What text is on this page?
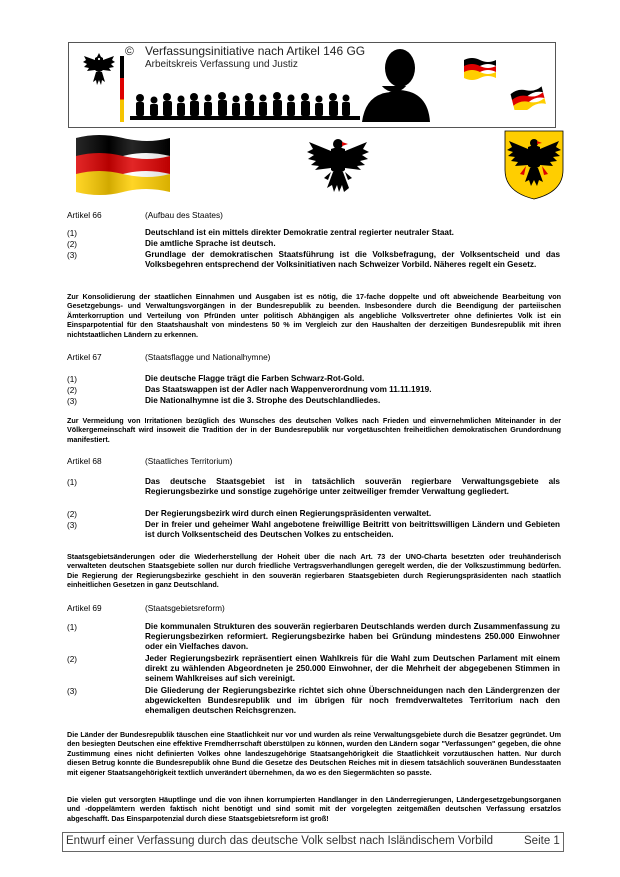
© Verfassungsinitiative nach Artikel 146 GG
Arbeitskreis Verfassung und Justiz
Artikel 66	(Aufbau des Staates)
(1)	Deutschland ist ein mittels direkter Demokratie zentral regierter neutraler Staat.
(2)	Die amtliche Sprache ist deutsch.
(3)	Grundlage der demokratischen Staatsführung ist die Volksbefragung, der Volksentscheid und das Volksbegehren entsprechend der Volksinitiativen nach Schweizer Vorbild. Näheres regelt ein Gesetz.
Zur Konsolidierung der staatlichen Einnahmen und Ausgaben ist es nötig, die 17-fache doppelte und oft abweichende Bearbeitung von Gesetzgebungs- und Verwaltungsvorgängen in der Bundesrepublik zu beenden. Insbesondere durch die Beendigung der parteiischen Ämterkorruption und Verteilung von Pfründen unter politisch Abhängigen als angebliche Volksvertreter ohne definiertes Volk ist ein Einsparpotential für den Staatshaushalt von mindestens 50 % im Vergleich zur den Haushalten der derzeitigen Bundesrepublik mit ihren nichtstaatlichen Ländern zu erkennen.
Artikel 67	(Staatsflagge und Nationalhymne)
(1)	Die deutsche Flagge trägt die Farben Schwarz-Rot-Gold.
(2)	Das Staatswappen ist der Adler nach Wappenverordnung vom 11.11.1919.
(3)	Die Nationalhymne ist die 3. Strophe des Deutschlandliedes.
Zur Vermeidung von Irritationen bezüglich des Wunsches des deutschen Volkes nach Frieden und einvernehmlichen Miteinander in der Völkergemeinschaft wird insoweit die Tradition der in der Bundesrepublik nur vorgetäuschten freiheitlichen demokratischen Grundordnung manifestiert.
Artikel 68	(Staatliches Territorium)
(1)	Das deutsche Staatsgebiet ist in tatsächlich souverän regierbare Verwaltungsgebiete als Regierungsbezirke und sonstige zugehörige unter zeitweiliger fremder Verwaltung gegliedert.
(2)	Der Regierungsbezirk wird durch einen Regierungspräsidenten verwaltet.
(3)	Der in freier und geheimer Wahl angebotene freiwillige Beitritt von beitrittswilligen Ländern und Gebieten ist durch Volksentscheid des Deutschen Volkes zu entscheiden.
Staatsgebietsänderungen oder die Wiederherstellung der Hoheit über die nach Art. 73 der UNO-Charta besetzten oder treuhänderisch verwalteten deutschen Staatsgebiete sollen nur durch friedliche Vertragsverhandlungen geregelt werden, die der Volkszustimmung bedürfen. Die Regierung der Regierungsbezirke geschieht in den souverän regierbaren Staatsgebieten durch Regierungspräsidenten nach staatlich einheitlichen Gesetzen in ganz Deutschland.
Artikel 69	(Staatsgebietsreform)
(1)	Die kommunalen Strukturen des souverän regierbaren Deutschlands werden durch Zusammenfassung zu Regierungsbezirken reformiert. Regierungsbezirke haben bei Gründung mindestens 250.000 Einwohner oder ein Vielfaches davon.
(2)	Jeder Regierungsbezirk repräsentiert einen Wahlkreis für die Wahl zum Deutschen Parlament mit einem direkt zu wählenden Abgeordneten je 250.000 Einwohner, der die Mehrheit der abgegebenen Stimmen in seinem Wahlkreises auf sich vereinigt.
(3)	Die Gliederung der Regierungsbezirke richtet sich ohne Überschneidungen nach den Ländergrenzen der abgewickelten Bundesrepublik und im übrigen für noch fremdverwaltetes Territorium nach den ehemaligen deutschen Reichsgrenzen.
Die Länder der Bundesrepublik täuschen eine Staatlichkeit nur vor und wurden als reine Verwaltungsgebiete durch die Besatzer gegründet. Um den besiegten Deutschen eine effektive Fremdherrschaft überstülpen zu können, wurden den Ländern sogar "Verfassungen" gegeben, die ohne Zustimmung eines nicht definierten Volkes ohne landeszugehörige Staatsangehörigkeit die Staatlichkeit vorzutäuschen hatten. Nur durch diesen Betrug konnte die Bundesrepublik ohne Bund die Gesetze des Deutschen Reiches mit in diesem tatsächlich souveränen Bundesstaaten mit eigener Staatsangehörigkeit textlich unverändert übernehmen, da wo es den Siegermächten so passte.
Die vielen gut versorgten Häuptlinge und die von ihnen korrumpierten Handlanger in den Länderregierungen, Ländergesetzgebungsorganen und -doppelämtern werden faktisch nicht benötigt und sind somit mit der vorgelegten zeitgemäßen deutschen Verfassung ersatzlos abgeschafft. Das Einsparpotenzial durch diese Staatsgebietsreform ist groß!
Entwurf einer Verfassung durch das deutsche Volk selbst nach Isländischem Vorbild	Seite 1
